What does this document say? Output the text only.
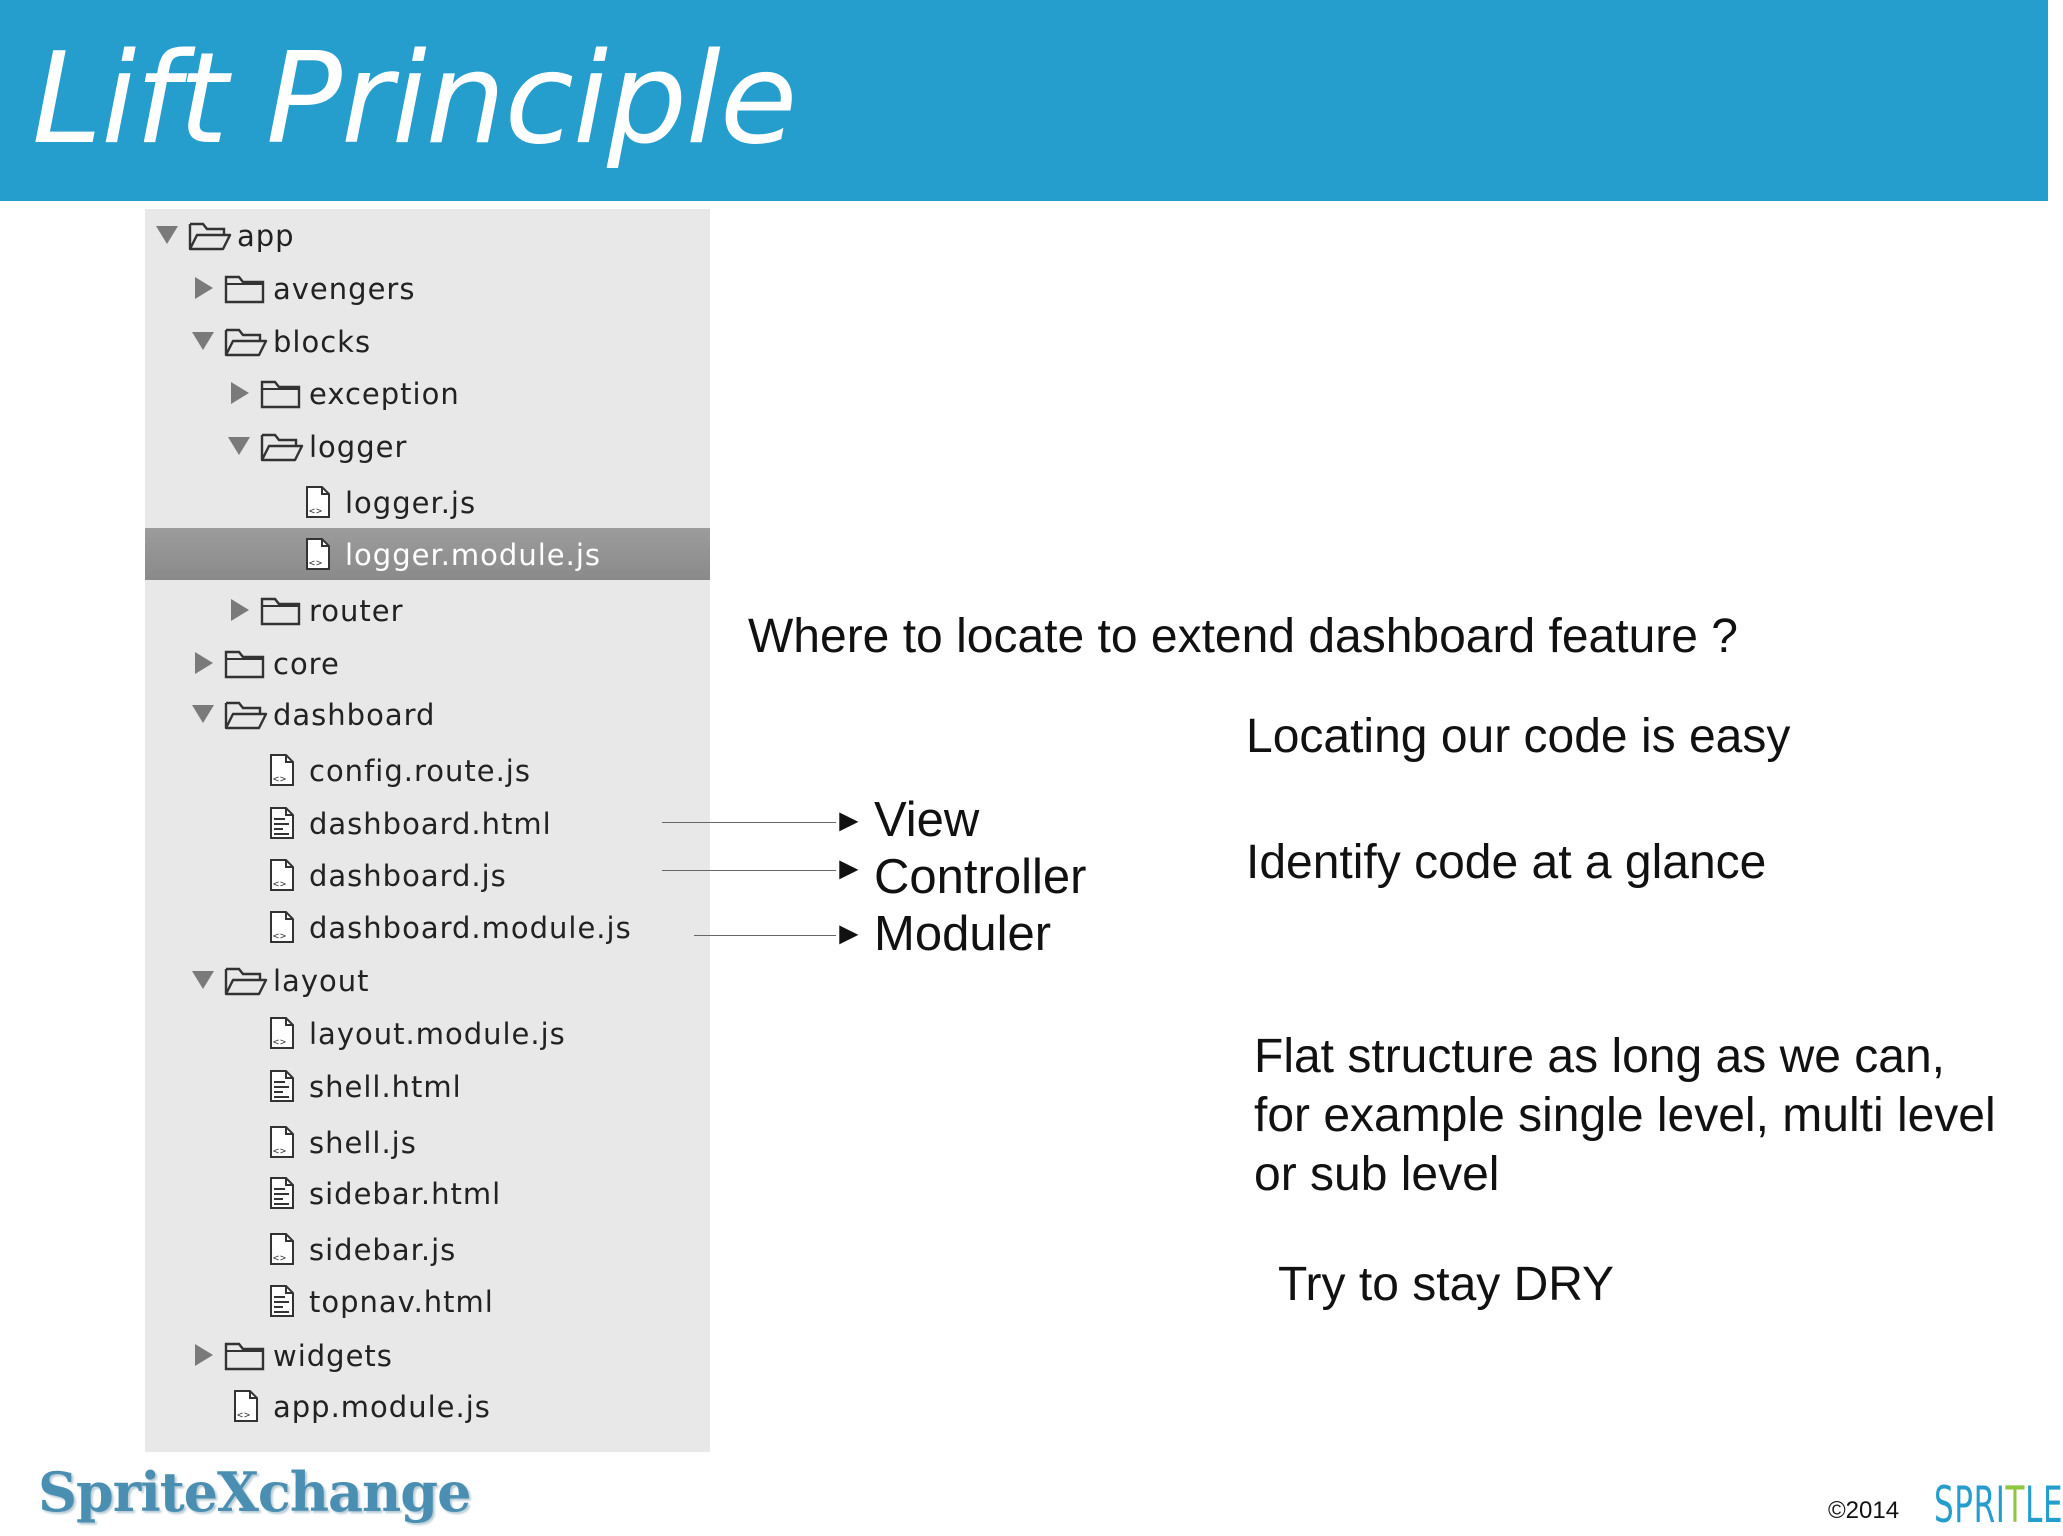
Lift Principle
app
avengers
blocks
exception
logger
<> logger.js
<> logger.module.js
router
core
dashboard
<> config.route.js
dashboard.html
<> dashboard.js
<> dashboard.module.js
layout
<> layout.module.js
shell.html
<> shell.js
sidebar.html
<> sidebar.js
topnav.html
widgets
<> app.module.js
► View
► Controller
► Moduler
Where to locate to extend dashboard feature ?
Locating our code is easy
Identify code at a glance
Flat structure as long as we can, for example single level, multi level or sub level
Try to stay DRY
SpriteXchange	©2014 SPRITLE
